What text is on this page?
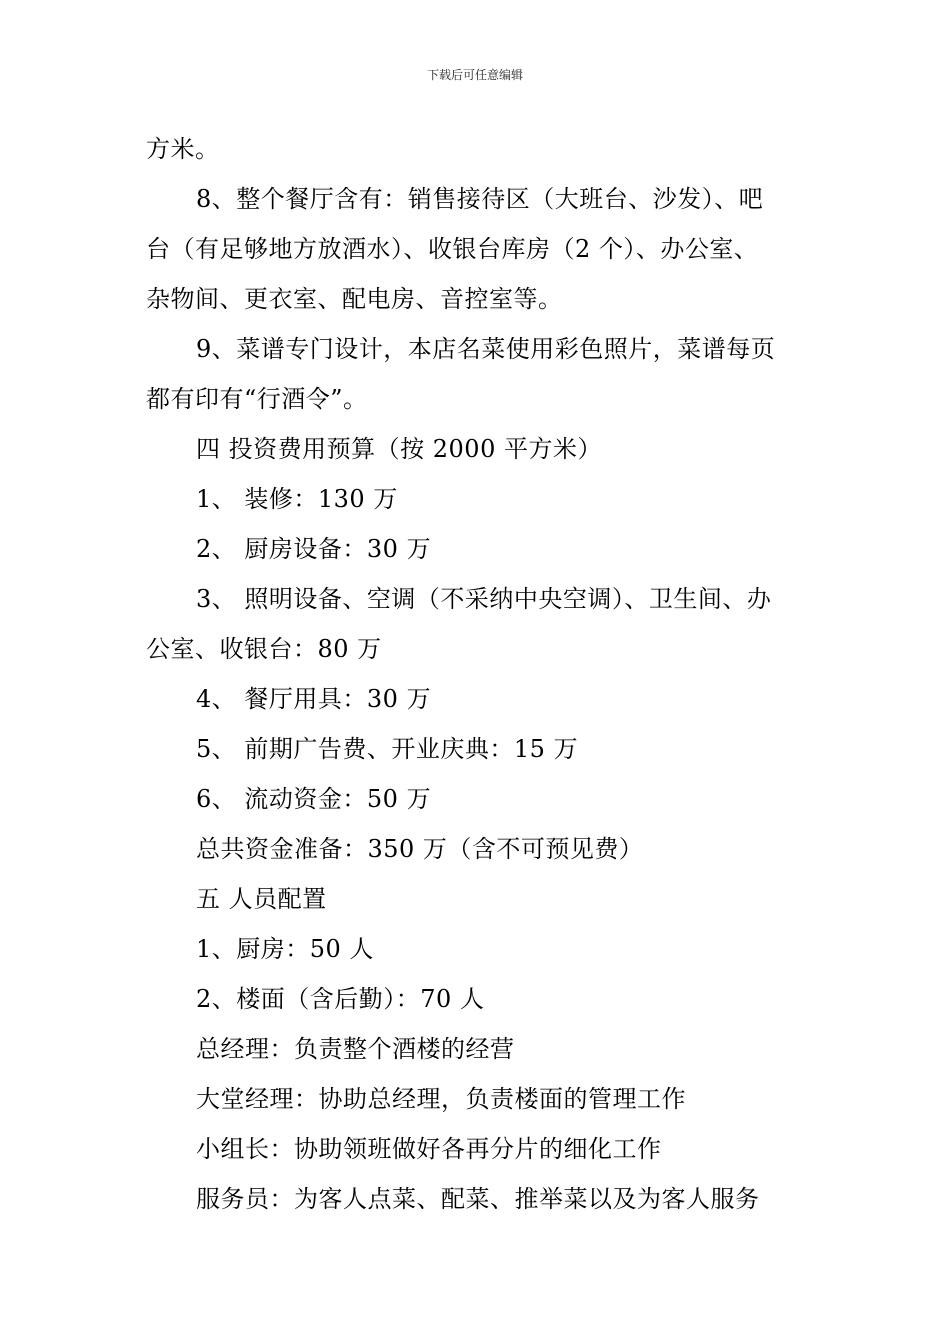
下载后可任意编辑
方米。
8、整个餐厅含有：销售接待区（大班台、沙发）、吧
台（有足够地方放酒水）、收银台库房（2 个）、办公室、
杂物间、更衣室、配电房、音控室等。
9、菜谱专门设计，本店名菜使用彩色照片，菜谱每页
都有印有“行酒令”。
四 投资费用预算（按 2000 平方米）
1、 装修：130 万
2、 厨房设备：30 万
3、 照明设备、空调（不采纳中央空调）、卫生间、办
公室、收银台：80 万
4、 餐厅用具：30 万
5、 前期广告费、开业庆典：15 万
6、 流动资金：50 万
总共资金准备：350 万（含不可预见费）
五 人员配置
1、厨房：50 人
2、楼面（含后勤）：70 人
总经理：负责整个酒楼的经营
大堂经理：协助总经理，负责楼面的管理工作
小组长：协助领班做好各再分片的细化工作
服务员：为客人点菜、配菜、推举菜以及为客人服务
